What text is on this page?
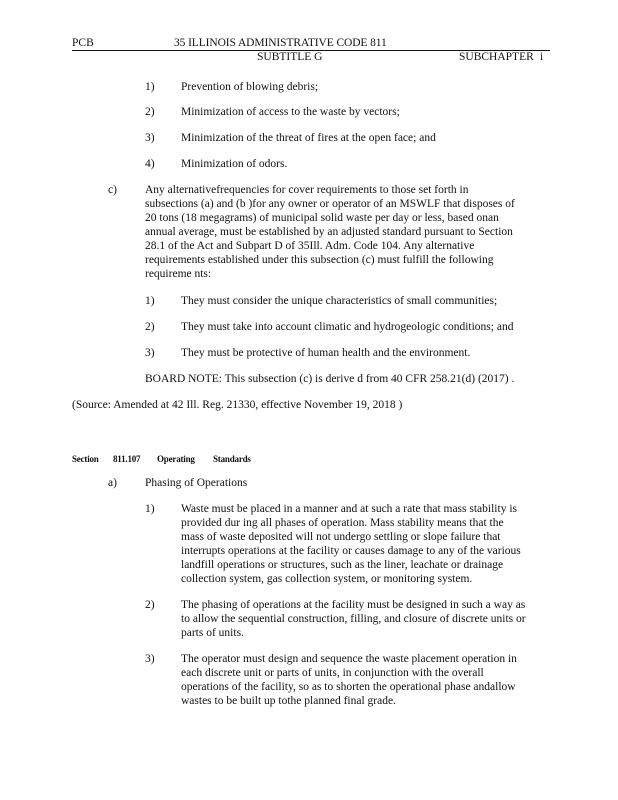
PCB	35 ILLINOIS ADMINISTRATIVE CODE 811
SUBTITLE G	SUBCHAPTER i
1) Prevention of blowing debris;
2) Minimization of access to the waste by vectors;
3) Minimization of the threat of fires at the open face; and
4) Minimization of odors.
c) Any alternativefrequencies for cover requirements to those set forth in
subsections (a) and (b )for any owner or operator of an MSWLF that disposes of
20 tons (18 megagrams) of municipal solid waste per day or less, based onan
annual average, must be established by an adjusted standard pursuant to Section
28.1 of the Act and Subpart D of 35Ill. Adm. Code 104. Any alternative
requirements established under this subsection (c) must fulfill the following
requireme nts:
1) They must consider the unique characteristics of small communities;
2) They must take into account climatic and hydrogeologic conditions; and
3) They must be protective of human health and the environment.
BOARD NOTE: This subsection (c) is derive d from 40 CFR 258.21(d) (2017) .
(Source: Amended at 42 Ill. Reg. 21330, effective November 19, 2018 )
Section 811.107 Operating Standards
a) Phasing of Operations
1) Waste must be placed in a manner and at such a rate that mass stability is
provided dur ing all phases of operation. Mass stability means that the
mass of waste deposited will not undergo settling or slope failure that
interrupts operations at the facility or causes damage to any of the various
landfill operations or structures, such as the liner, leachate or drainage
collection system, gas collection system, or monitoring system.
2) The phasing of operations at the facility must be designed in such a way as
to allow the sequential construction, filling, and closure of discrete units or
parts of units.
3) The operator must design and sequence the waste placement operation in
each discrete unit or parts of units, in conjunction with the overall
operations of the facility, so as to shorten the operational phase andallow
wastes to be built up tothe planned final grade.
